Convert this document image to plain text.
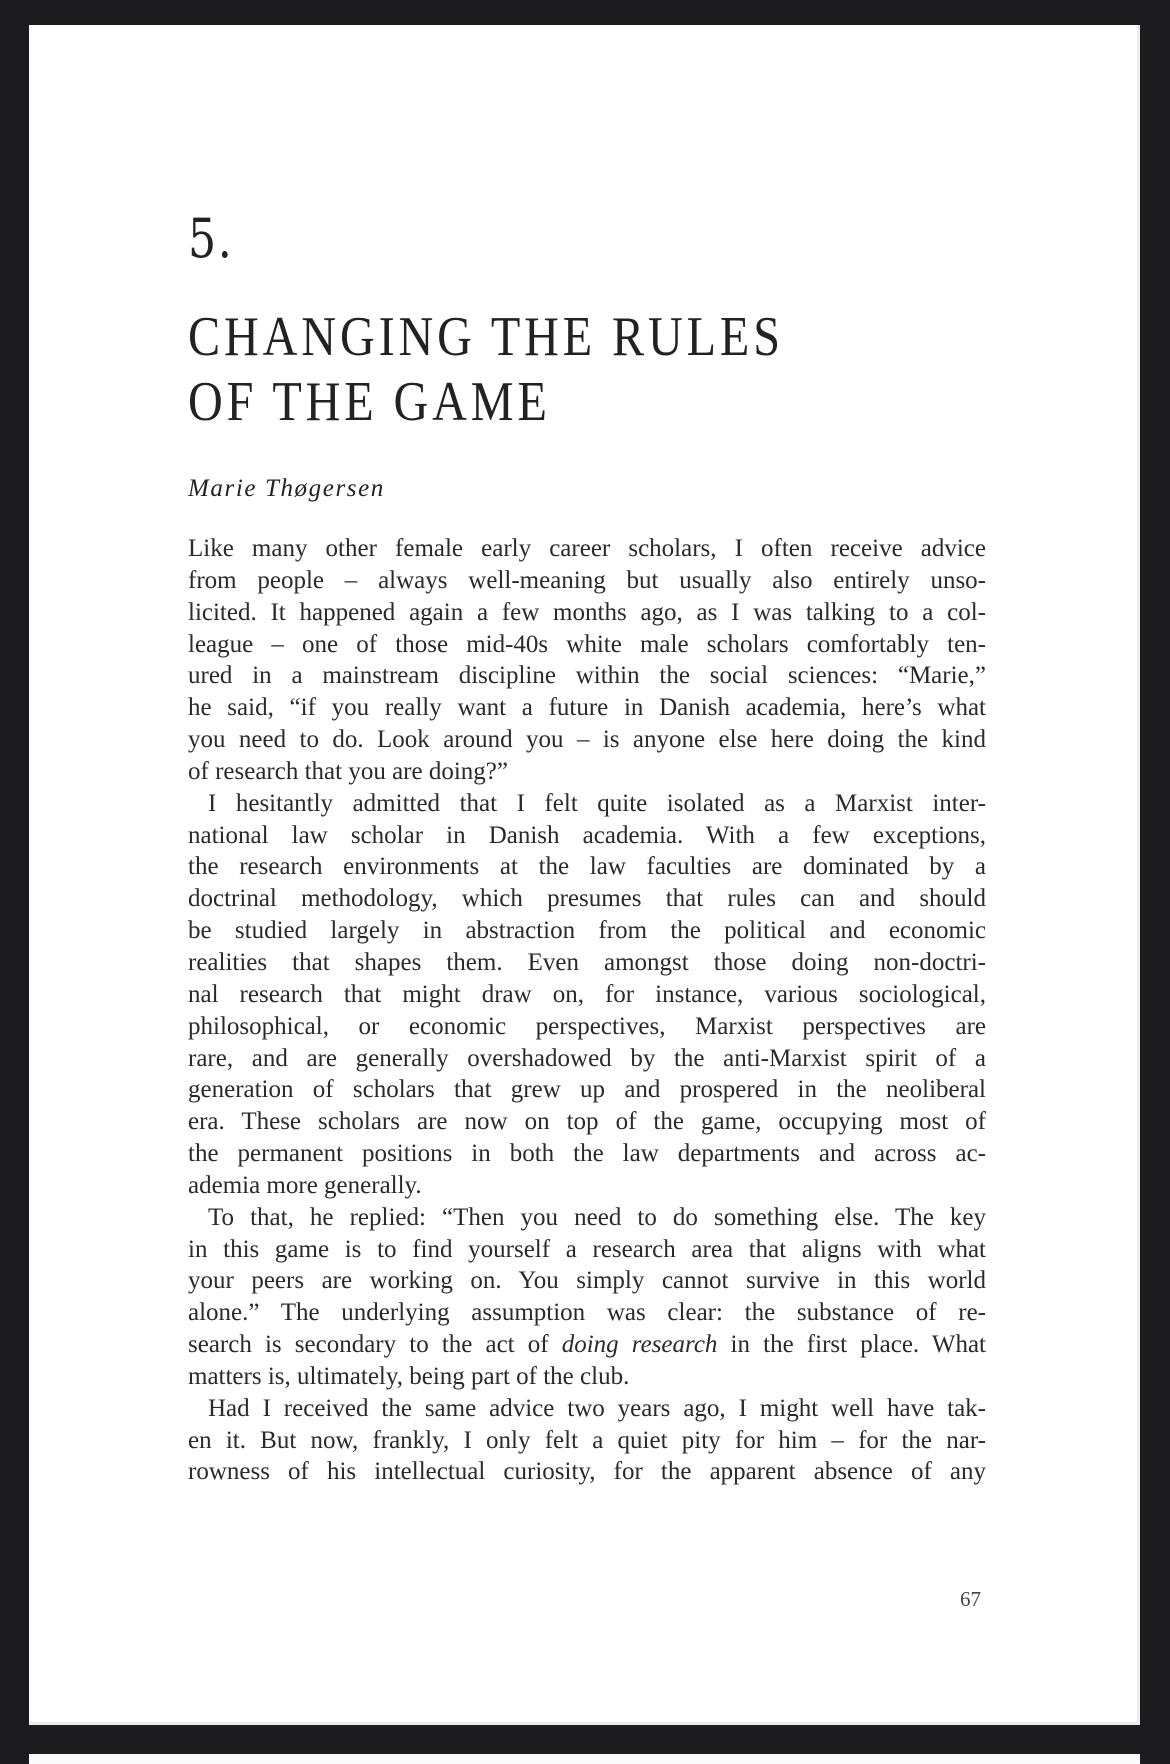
5.
CHANGING THE RULES
OF THE GAME
Marie Thøgersen
Like many other female early career scholars, I often receive advice
from people – always well-meaning but usually also entirely unso-
licited. It happened again a few months ago, as I was talking to a col-
league – one of those mid-40s white male scholars comfortably ten-
ured in a mainstream discipline within the social sciences: “Marie,”
he said, “if you really want a future in Danish academia, here’s what
you need to do. Look around you – is anyone else here doing the kind
of research that you are doing?”
I hesitantly admitted that I felt quite isolated as a Marxist inter-
national law scholar in Danish academia. With a few exceptions,
the research environments at the law faculties are dominated by a
doctrinal methodology, which presumes that rules can and should
be studied largely in abstraction from the political and economic
realities that shapes them. Even amongst those doing non-doctri-
nal research that might draw on, for instance, various sociological,
philosophical, or economic perspectives, Marxist perspectives are
rare, and are generally overshadowed by the anti-Marxist spirit of a
generation of scholars that grew up and prospered in the neoliberal
era. These scholars are now on top of the game, occupying most of
the permanent positions in both the law departments and across ac-
ademia more generally.
To that, he replied: “Then you need to do something else. The key
in this game is to find yourself a research area that aligns with what
your peers are working on. You simply cannot survive in this world
alone.” The underlying assumption was clear: the substance of re-
search is secondary to the act of doing research in the first place. What
matters is, ultimately, being part of the club.
Had I received the same advice two years ago, I might well have tak-
en it. But now, frankly, I only felt a quiet pity for him – for the nar-
rowness of his intellectual curiosity, for the apparent absence of any
67
